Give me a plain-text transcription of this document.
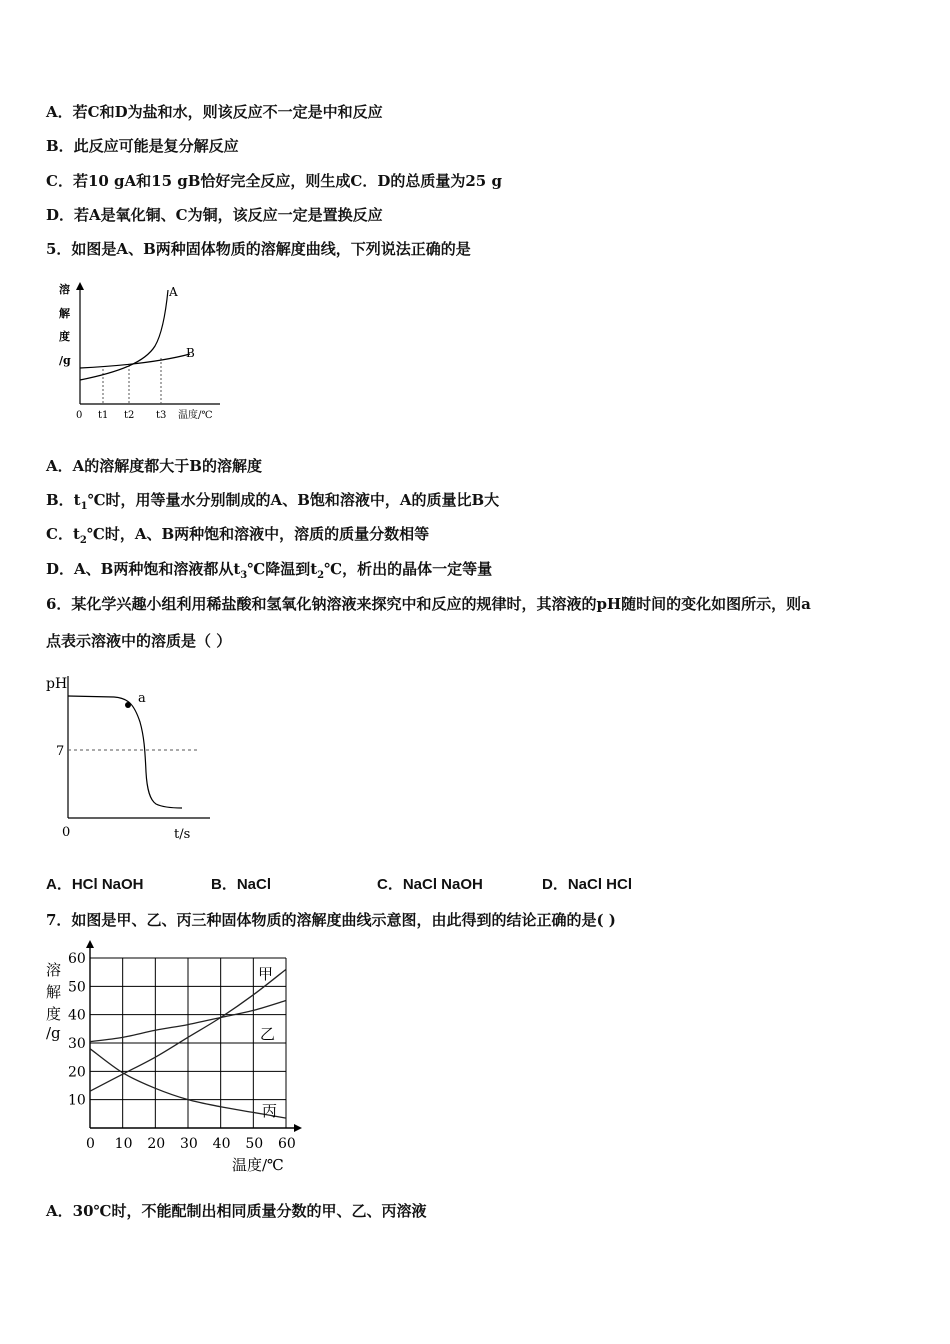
A．若C和D为盐和水，则该反应不一定是中和反应
B．此反应可能是复分解反应
C．若10 gA和15 gB恰好完全反应，则生成C．D的总质量为25 g
D．若A是氧化铜、C为铜，该反应一定是置换反应
5．如图是A、B两种固体物质的溶解度曲线，下列说法正确的是
溶
解
度
/g
A
B
0 t1 t2 t3 温度/℃
A．A的溶解度都大于B的溶解度
B．$t_1℃$时，用等量水分别制成的A、B饱和溶液中，A的质量比B大
C．$t_2℃$时，A、B两种饱和溶液中，溶质的质量分数相等
D．A、B两种饱和溶液都从$t_3℃$降温到$t_2℃$，析出的晶体一定等量
6．某化学兴趣小组利用稀盐酸和氢氧化钠溶液来探究中和反应的规律时，其溶液的pH随时间的变化如图所示，则a
点表示溶液中的溶质是（ ）
pH
7
a
0	t/s
A．HCl NaOH	B．NaCl	C．NaCl NaOH	D．NaCl HCl
7．如图是甲、乙、丙三种固体物质的溶解度曲线示意图，由此得到的结论正确的是( )
溶
解
度
/g
0 10 20 30 40 50 60
60
50
40
30
20
10
甲
乙
丙
温度/℃
A．30℃时，不能配制出相同质量分数的甲、乙、丙溶液
